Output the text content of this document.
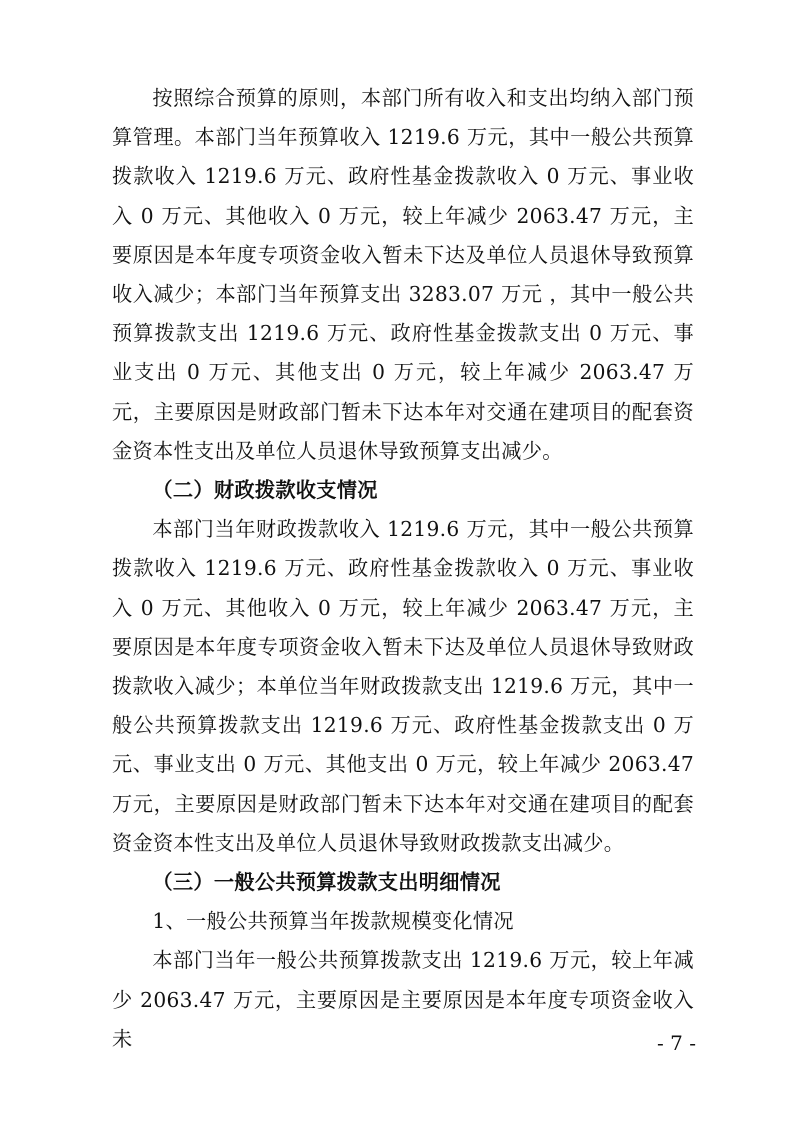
按照综合预算的原则，本部门所有收入和支出均纳入部门预算管理。本部门当年预算收入 1219.6 万元，其中一般公共预算拨款收入 1219.6 万元、政府性基金拨款收入 0 万元、事业收入 0 万元、其他收入 0 万元，较上年减少 2063.47 万元，主要原因是本年度专项资金收入暂未下达及单位人员退休导致预算收入减少；本部门当年预算支出 3283.07 万元 ，其中一般公共预算拨款支出 1219.6 万元、政府性基金拨款支出 0 万元、事业支出 0 万元、其他支出 0 万元，较上年减少 2063.47 万元，主要原因是财政部门暂未下达本年对交通在建项目的配套资金资本性支出及单位人员退休导致预算支出减少。

（二）财政拨款收支情况

本部门当年财政拨款收入 1219.6 万元，其中一般公共预算拨款收入 1219.6 万元、政府性基金拨款收入 0 万元、事业收入 0 万元、其他收入 0 万元，较上年减少 2063.47 万元，主要原因是本年度专项资金收入暂未下达及单位人员退休导致财政拨款收入减少；本单位当年财政拨款支出 1219.6 万元，其中一般公共预算拨款支出 1219.6 万元、政府性基金拨款支出 0 万元、事业支出 0 万元、其他支出 0 万元，较上年减少 2063.47 万元，主要原因是财政部门暂未下达本年对交通在建项目的配套资金资本性支出及单位人员退休导致财政拨款支出减少。

（三）一般公共预算拨款支出明细情况

1、一般公共预算当年拨款规模变化情况

本部门当年一般公共预算拨款支出 1219.6 万元，较上年减少 2063.47 万元，主要原因是主要原因是本年度专项资金收入未	- 7 -
